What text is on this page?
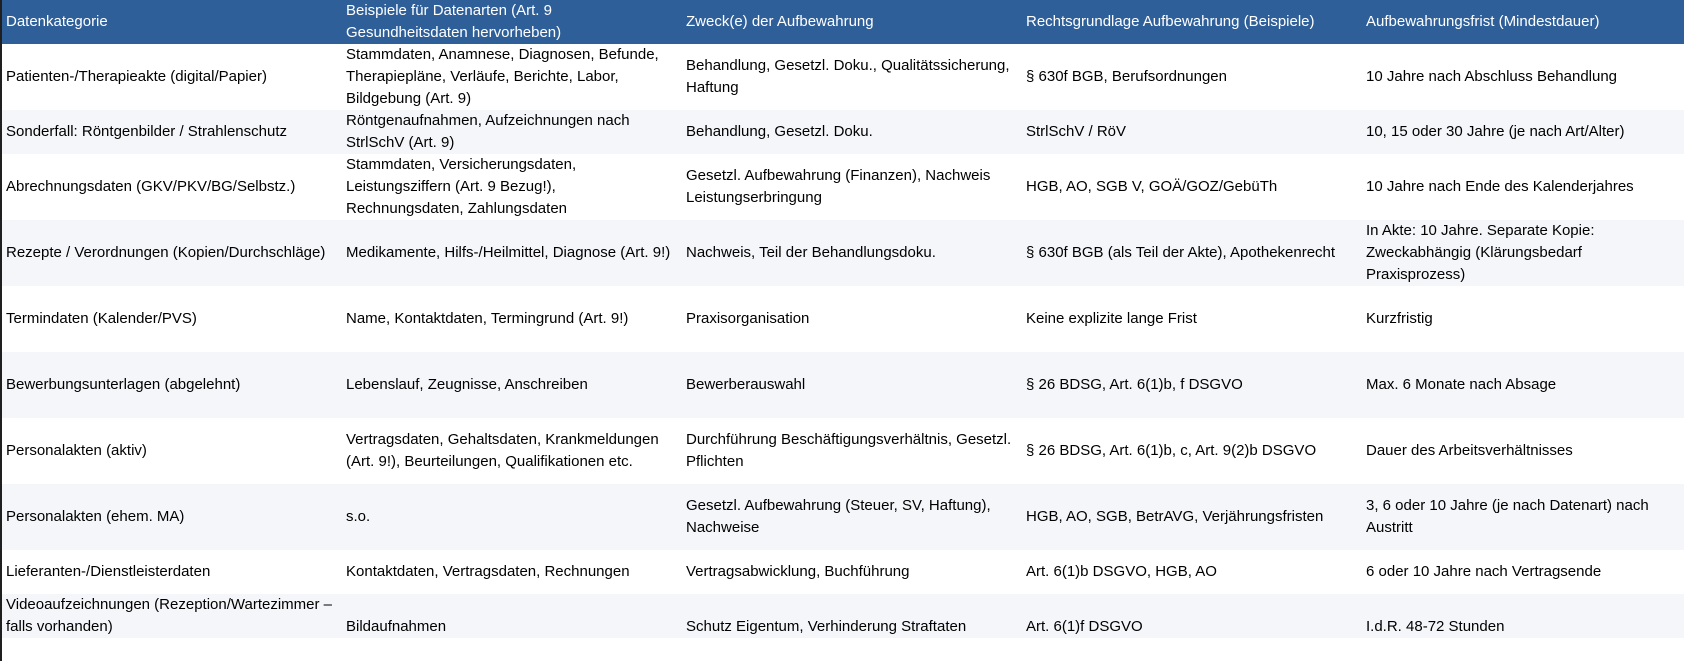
Datenkategorie	Beispiele für Datenarten (Art. 9 Gesundheitsdaten hervorheben)	Zweck(e) der Aufbewahrung	Rechtsgrundlage Aufbewahrung (Beispiele)	Aufbewahrungsfrist (Mindestdauer)
Patienten-/Therapieakte (digital/Papier)	Stammdaten, Anamnese, Diagnosen, Befunde, Therapiepläne, Verläufe, Berichte, Labor, Bildgebung (Art. 9)	Behandlung, Gesetzl. Doku., Qualitätssicherung, Haftung	§ 630f BGB, Berufsordnungen	10 Jahre nach Abschluss Behandlung
Sonderfall: Röntgenbilder / Strahlenschutz	Röntgenaufnahmen, Aufzeichnungen nach StrlSchV (Art. 9)	Behandlung, Gesetzl. Doku.	StrlSchV / RöV	10, 15 oder 30 Jahre (je nach Art/Alter)
Abrechnungsdaten (GKV/PKV/BG/Selbstz.)	Stammdaten, Versicherungsdaten, Leistungsziffern (Art. 9 Bezug!), Rechnungsdaten, Zahlungsdaten	Gesetzl. Aufbewahrung (Finanzen), Nachweis Leistungserbringung	HGB, AO, SGB V, GOÄ/GOZ/GebüTh	10 Jahre nach Ende des Kalenderjahres
Rezepte / Verordnungen (Kopien/Durchschläge)	Medikamente, Hilfs-/Heilmittel, Diagnose (Art. 9!)	Nachweis, Teil der Behandlungsdoku.	§ 630f BGB (als Teil der Akte), Apothekenrecht	In Akte: 10 Jahre. Separate Kopie: Zweckabhängig (Klärungsbedarf Praxisprozess)
Termindaten (Kalender/PVS)	Name, Kontaktdaten, Termingrund (Art. 9!)	Praxisorganisation	Keine explizite lange Frist	Kurzfristig
Bewerbungsunterlagen (abgelehnt)	Lebenslauf, Zeugnisse, Anschreiben	Bewerberauswahl	§ 26 BDSG, Art. 6(1)b, f DSGVO	Max. 6 Monate nach Absage
Personalakten (aktiv)	Vertragsdaten, Gehaltsdaten, Krankmeldungen (Art. 9!), Beurteilungen, Qualifikationen etc.	Durchführung Beschäftigungsverhältnis, Gesetzl. Pflichten	§ 26 BDSG, Art. 6(1)b, c, Art. 9(2)b DSGVO	Dauer des Arbeitsverhältnisses
Personalakten (ehem. MA)	s.o.	Gesetzl. Aufbewahrung (Steuer, SV, Haftung), Nachweise	HGB, AO, SGB, BetrAVG, Verjährungsfristen	3, 6 oder 10 Jahre (je nach Datenart) nach Austritt
Lieferanten-/Dienstleisterdaten	Kontaktdaten, Vertragsdaten, Rechnungen	Vertragsabwicklung, Buchführung	Art. 6(1)b DSGVO, HGB, AO	6 oder 10 Jahre nach Vertragsende
Videoaufzeichnungen (Rezeption/Wartezimmer – falls vorhanden)	Bildaufnahmen	Schutz Eigentum, Verhinderung Straftaten	Art. 6(1)f DSGVO	I.d.R. 48-72 Stunden
